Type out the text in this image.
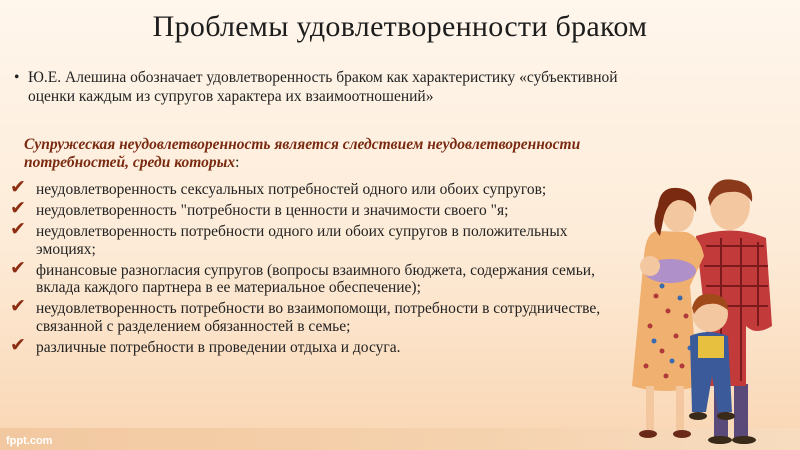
fppt.com
Проблемы удовлетворенности браком
• Ю.Е. Алешина обозначает удовлетворенность браком как характеристику «субъективной оценки каждым из супругов характера их взаимоотношений»
Супружеская неудовлетворенность является следствием неудовлетворенности потребностей, среди которых:
✔ неудовлетворенность сексуальных потребностей одного или обоих супругов;
✔ неудовлетворенность "потребности в ценности и значимости своего "я;
✔ неудовлетворенность потребности одного или обоих супругов в положительных эмоциях;
✔ финансовые разногласия супругов (вопросы взаимного бюджета, содержания семьи, вклада каждого партнера в ее материальное обеспечение);
✔ неудовлетворенность потребности во взаимопомощи, потребности в сотрудничестве, связанной с разделением обязанностей в семье;
✔ различные потребности в проведении отдыха и досуга.
